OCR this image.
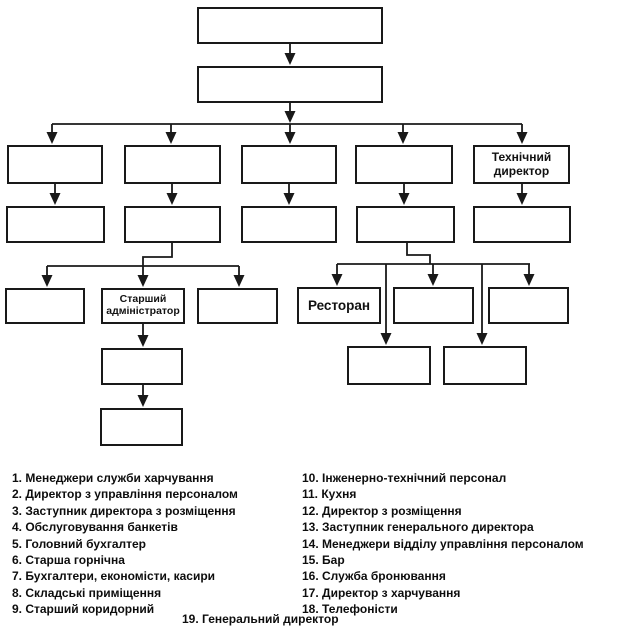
Технічний директор
Старший адміністратор	Ресторан
1. Менеджери служби харчування
2. Директор з управління персоналом
3. Заступник директора з розміщення
4. Обслуговування банкетів
5. Головний бухгалтер
6. Старша горнічна
7. Бухгалтери, економісти, касири
8. Складські приміщення
9. Старший коридорний
10. Інженерно-технічний персонал
11. Кухня
12. Директор з розміщення
13. Заступник генерального директора
14. Менеджери відділу управління персоналом
15. Бар
16. Служба бронювання
17. Директор з харчування
18. Телефоністи
19. Генеральний директор
